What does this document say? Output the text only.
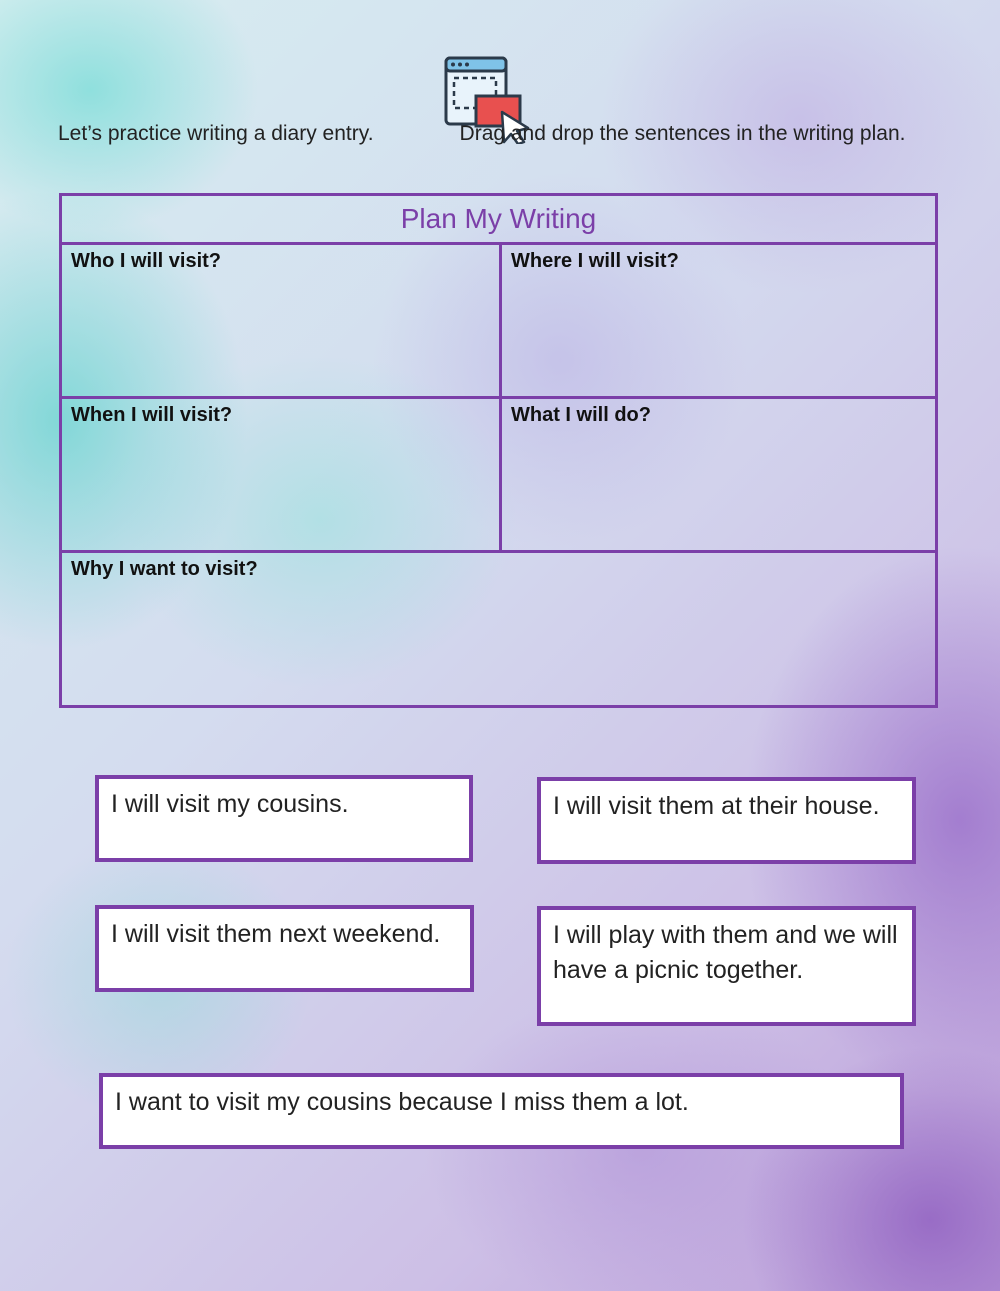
Let’s practice writing a diary entry.	Drag and drop the sentences in the writing plan.
Plan My Writing
Who I will visit?	Where I will visit?
When I will visit?	What I will do?
Why I want to visit?
I will visit my cousins.	I will visit them at their house.
I will visit them next weekend.	I will play with them and we will have a picnic together.
I want to visit my cousins because I miss them a lot.
